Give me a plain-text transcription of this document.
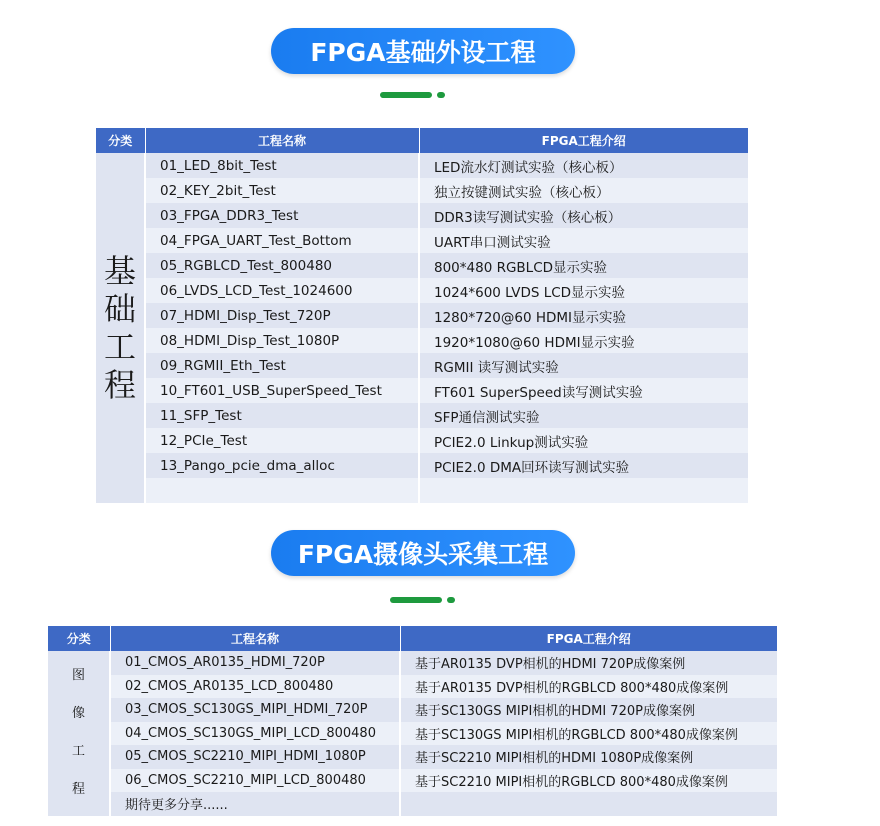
FPGA基础外设工程
分类	工程名称	FPGA工程介绍

基
础
工
程	01_LED_8bit_Test	LED流水灯测试实验（核心板）
	02_KEY_2bit_Test	独立按键测试实验（核心板）
	03_FPGA_DDR3_Test	DDR3读写测试实验（核心板）
	04_FPGA_UART_Test_Bottom	UART串口测试实验
	05_RGBLCD_Test_800480	800*480 RGBLCD显示实验
	06_LVDS_LCD_Test_1024600	1024*600 LVDS LCD显示实验
	07_HDMI_Disp_Test_720P	1280*720@60 HDMI显示实验
	08_HDMI_Disp_Test_1080P	1920*1080@60 HDMI显示实验
	09_RGMII_Eth_Test	RGMII 读写测试实验
	10_FT601_USB_SuperSpeed_Test	FT601 SuperSpeed读写测试实验
	11_SFP_Test	SFP通信测试实验
	12_PCIe_Test	PCIE2.0 Linkup测试实验
	13_Pango_pcie_dma_alloc	PCIE2.0 DMA回环读写测试实验

FPGA摄像头采集工程
分类	工程名称	FPGA工程介绍

图
像
工
程	01_CMOS_AR0135_HDMI_720P	基于AR0135 DVP相机的HDMI 720P成像案例
	02_CMOS_AR0135_LCD_800480	基于AR0135 DVP相机的RGBLCD 800*480成像案例
	03_CMOS_SC130GS_MIPI_HDMI_720P	基于SC130GS MIPI相机的HDMI 720P成像案例
	04_CMOS_SC130GS_MIPI_LCD_800480	基于SC130GS MIPI相机的RGBLCD 800*480成像案例
	05_CMOS_SC2210_MIPI_HDMI_1080P	基于SC2210 MIPI相机的HDMI 1080P成像案例
	06_CMOS_SC2210_MIPI_LCD_800480	基于SC2210 MIPI相机的RGBLCD 800*480成像案例
	期待更多分享......	
